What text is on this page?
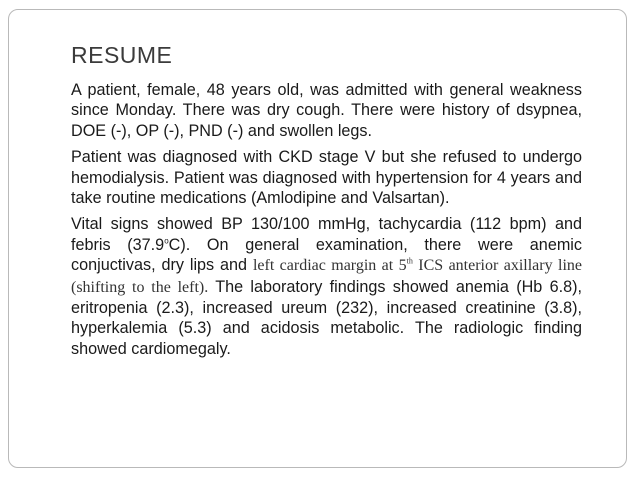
RESUME

A patient, female, 48 years old, was admitted with general weakness since Monday. There was dry cough. There were history of dsypnea, DOE (-), OP (-), PND (-) and swollen legs.

Patient was diagnosed with CKD stage V but she refused to undergo hemodialysis. Patient was diagnosed with hypertension for 4 years and take routine medications (Amlodipine and Valsartan).

Vital signs showed BP 130/100 mmHg, tachycardia (112 bpm) and febris (37.9$^o$C). On general examination, there were anemic conjuctivas, dry lips and left cardiac margin at 5th ICS anterior axillary line (shifting to the left). The laboratory findings showed anemia (Hb 6.8), eritropenia (2.3), increased ureum (232), increased creatinine (3.8), hyperkalemia (5.3) and acidosis metabolic. The radiologic finding showed cardiomegaly.
